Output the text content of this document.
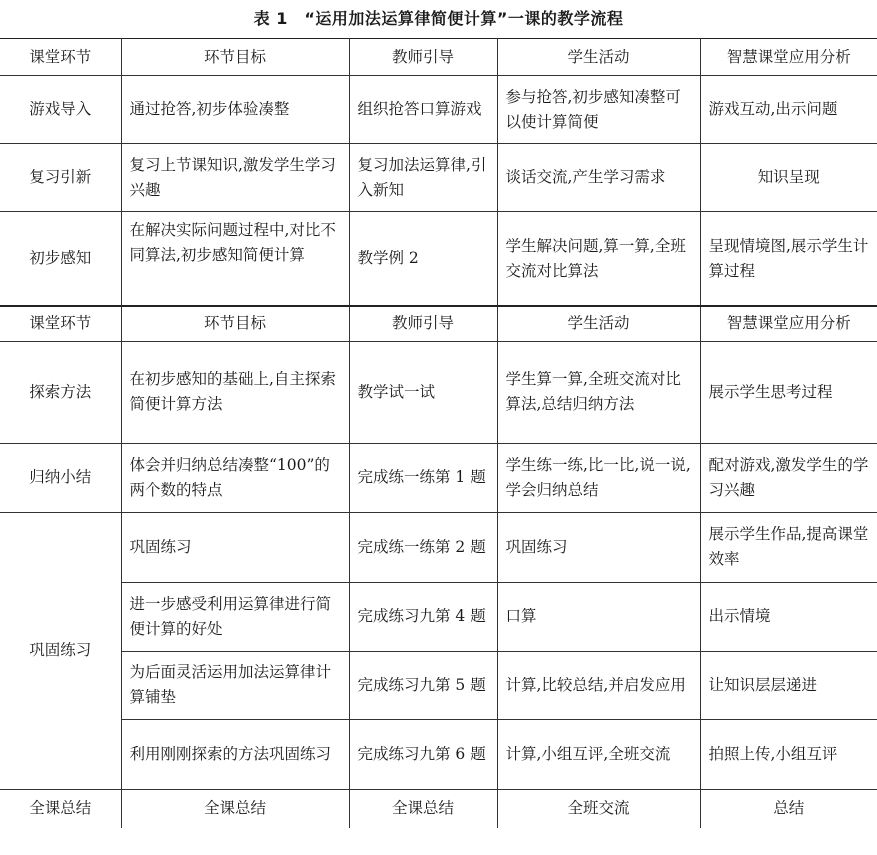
表 1　“运用加法运算律简便计算”一课的教学流程
课堂环节	环节目标	教师引导	学生活动	智慧课堂应用分析
游戏导入	通过抢答,初步体验凑整	组织抢答口算游戏	参与抢答,初步感知凑整可以使计算简便	游戏互动,出示问题
复习引新	复习上节课知识,激发学生学习兴趣	复习加法运算律,引入新知	谈话交流,产生学习需求	知识呈现
初步感知	在解决实际问题过程中,对比不同算法,初步感知简便计算	教学例 2	学生解决问题,算一算,全班交流对比算法	呈现情境图,展示学生计算过程
课堂环节	环节目标	教师引导	学生活动	智慧课堂应用分析
探索方法	在初步感知的基础上,自主探索简便计算方法	教学试一试	学生算一算,全班交流对比算法,总结归纳方法	展示学生思考过程
归纳小结	体会并归纳总结凑整“100”的两个数的特点	完成练一练第 1 题	学生练一练,比一比,说一说,学会归纳总结	配对游戏,激发学生的学习兴趣
巩固练习	巩固练习	完成练一练第 2 题	巩固练习	展示学生作品,提高课堂效率
	进一步感受利用运算律进行简便计算的好处	完成练习九第 4 题	口算	出示情境
	为后面灵活运用加法运算律计算铺垫	完成练习九第 5 题	计算,比较总结,并启发应用	让知识层层递进
	利用刚刚探索的方法巩固练习	完成练习九第 6 题	计算,小组互评,全班交流	拍照上传,小组互评
全课总结	全课总结	全课总结	全班交流	总结
